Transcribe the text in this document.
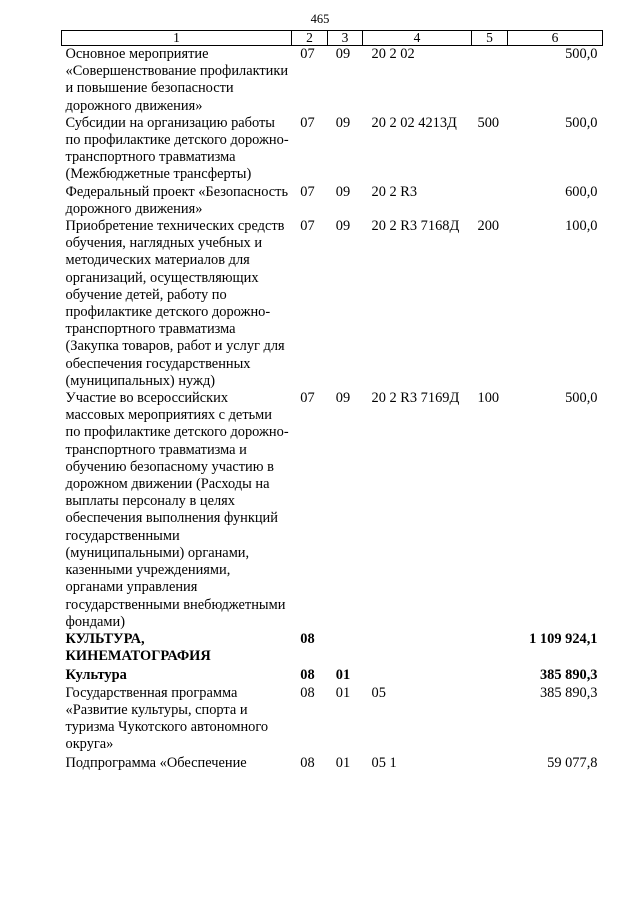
465
1	2	3	4	5	6
Основное мероприятие «Совершенствование профилактики и повышение безопасности дорожного движения»	07	09	20 2 02		500,0
Субсидии на организацию работы по профилактике детского дорожно-транспортного травматизма (Межбюджетные трансферты)	07	09	20 2 02 4213Д	500	500,0
Федеральный проект «Безопасность дорожного движения»	07	09	20 2 R3		600,0
Приобретение технических средств обучения, наглядных учебных и методических материалов для организаций, осуществляющих обучение детей, работу по профилактике детского дорожно-транспортного травматизма (Закупка товаров, работ и услуг для обеспечения государственных (муниципальных) нужд)	07	09	20 2 R3 7168Д	200	100,0
Участие во всероссийских массовых мероприятиях с детьми по профилактике детского дорожно-транспортного травматизма и обучению безопасному участию в дорожном движении (Расходы на выплаты персоналу в целях обеспечения выполнения функций государственными (муниципальными) органами, казенными учреждениями, органами управления государственными внебюджетными фондами)	07	09	20 2 R3 7169Д	100	500,0
КУЛЬТУРА, КИНЕМАТОГРАФИЯ	08				1 109 924,1
Культура	08	01			385 890,3
Государственная программа «Развитие культуры, спорта и туризма Чукотского автономного округа»	08	01	05		385 890,3
Подпрограмма «Обеспечение	08	01	05 1		59 077,8
